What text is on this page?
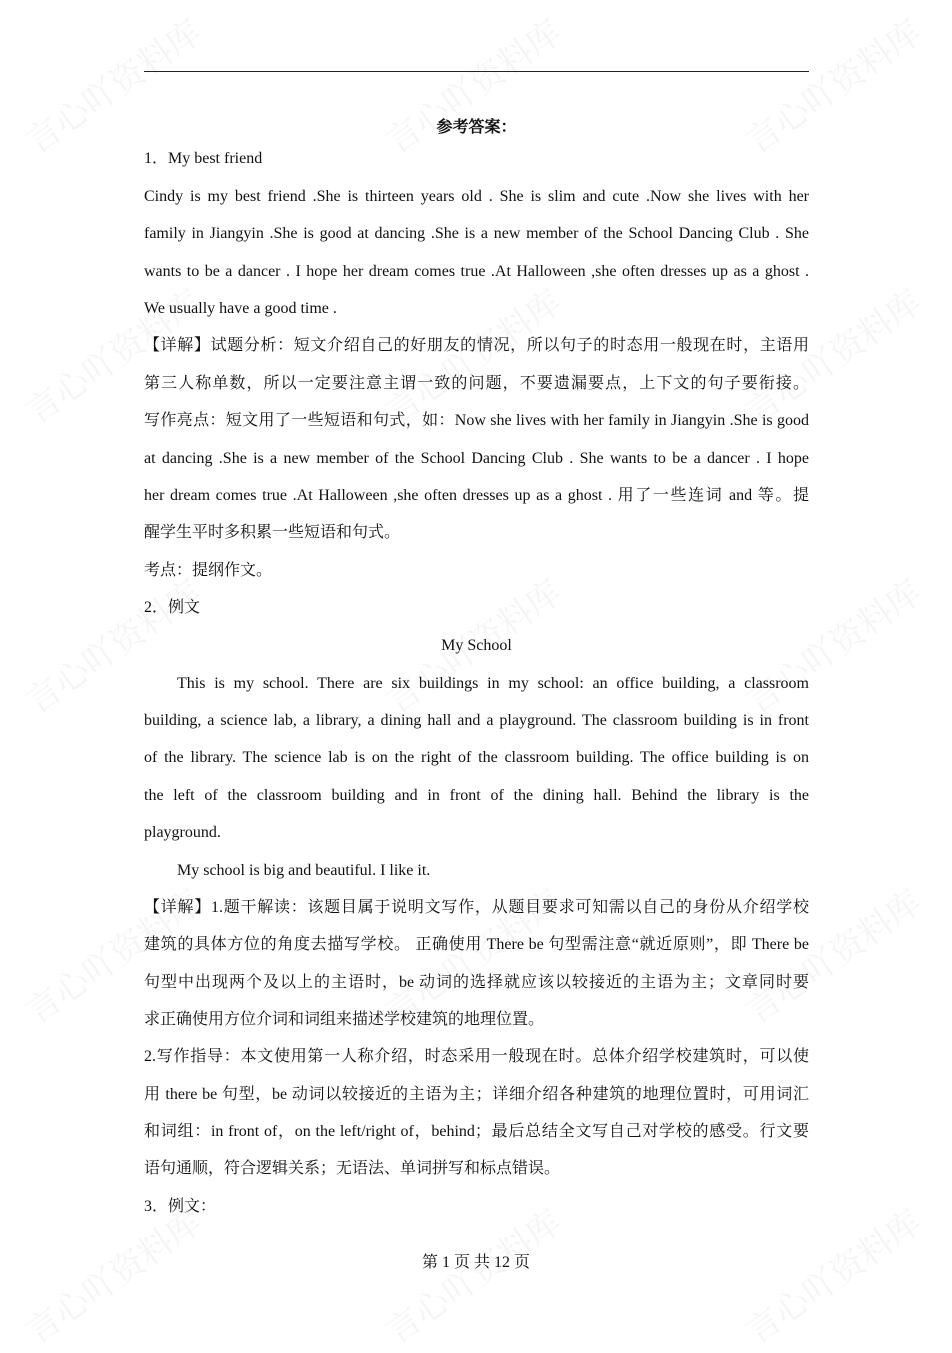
参考答案：
1．My best friend
Cindy is my best friend .She is thirteen years old . She is slim and cute .Now she lives with her
family in Jiangyin .She is good at dancing .She is a new member of the School Dancing Club . She
wants to be a dancer . I hope her dream comes true .At Halloween ,she often dresses up as a ghost .
We usually have a good time .
【详解】试题分析：短文介绍自己的好朋友的情况，所以句子的时态用一般现在时，主语用
第三人称单数，所以一定要注意主谓一致的问题，不要遗漏要点，上下文的句子要衔接。
写作亮点：短文用了一些短语和句式，如：Now she lives with her family in Jiangyin .She is good
at dancing .She is a new member of the School Dancing Club . She wants to be a dancer . I hope
her dream comes true .At Halloween ,she often dresses up as a ghost . 用了一些连词 and 等。提
醒学生平时多积累一些短语和句式。
考点：提纲作文。
2．例文
My School
This is my school. There are six buildings in my school: an office building, a classroom
building, a science lab, a library, a dining hall and a playground. The classroom building is in front
of the library. The science lab is on the right of the classroom building. The office building is on
the left of the classroom building and in front of the dining hall. Behind the library is the
playground.
My school is big and beautiful. I like it.
【详解】1.题干解读：该题目属于说明文写作，从题目要求可知需以自己的身份从介绍学校
建筑的具体方位的角度去描写学校。 正确使用 There be 句型需注意“就近原则”，即 There be
句型中出现两个及以上的主语时，be 动词的选择就应该以较接近的主语为主；文章同时要
求正确使用方位介词和词组来描述学校建筑的地理位置。
2.写作指导：本文使用第一人称介绍，时态采用一般现在时。总体介绍学校建筑时，可以使
用 there be 句型，be 动词以较接近的主语为主；详细介绍各种建筑的地理位置时，可用词汇
和词组：in front of，on the left/right of，behind；最后总结全文写自己对学校的感受。行文要
语句通顺，符合逻辑关系；无语法、单词拼写和标点错误。
3．例文：
第 1 页 共 12 页
